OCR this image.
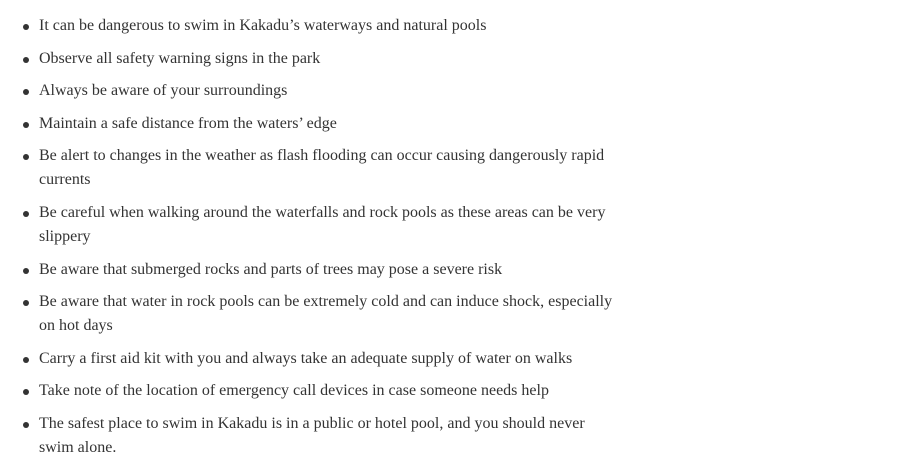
It can be dangerous to swim in Kakadu’s waterways and natural pools
Observe all safety warning signs in the park
Always be aware of your surroundings
Maintain a safe distance from the waters’ edge
Be alert to changes in the weather as flash flooding can occur causing dangerously rapid currents
Be careful when walking around the waterfalls and rock pools as these areas can be very slippery
Be aware that submerged rocks and parts of trees may pose a severe risk
Be aware that water in rock pools can be extremely cold and can induce shock, especially on hot days
Carry a first aid kit with you and always take an adequate supply of water on walks
Take note of the location of emergency call devices in case someone needs help
The safest place to swim in Kakadu is in a public or hotel pool, and you should never swim alone.
